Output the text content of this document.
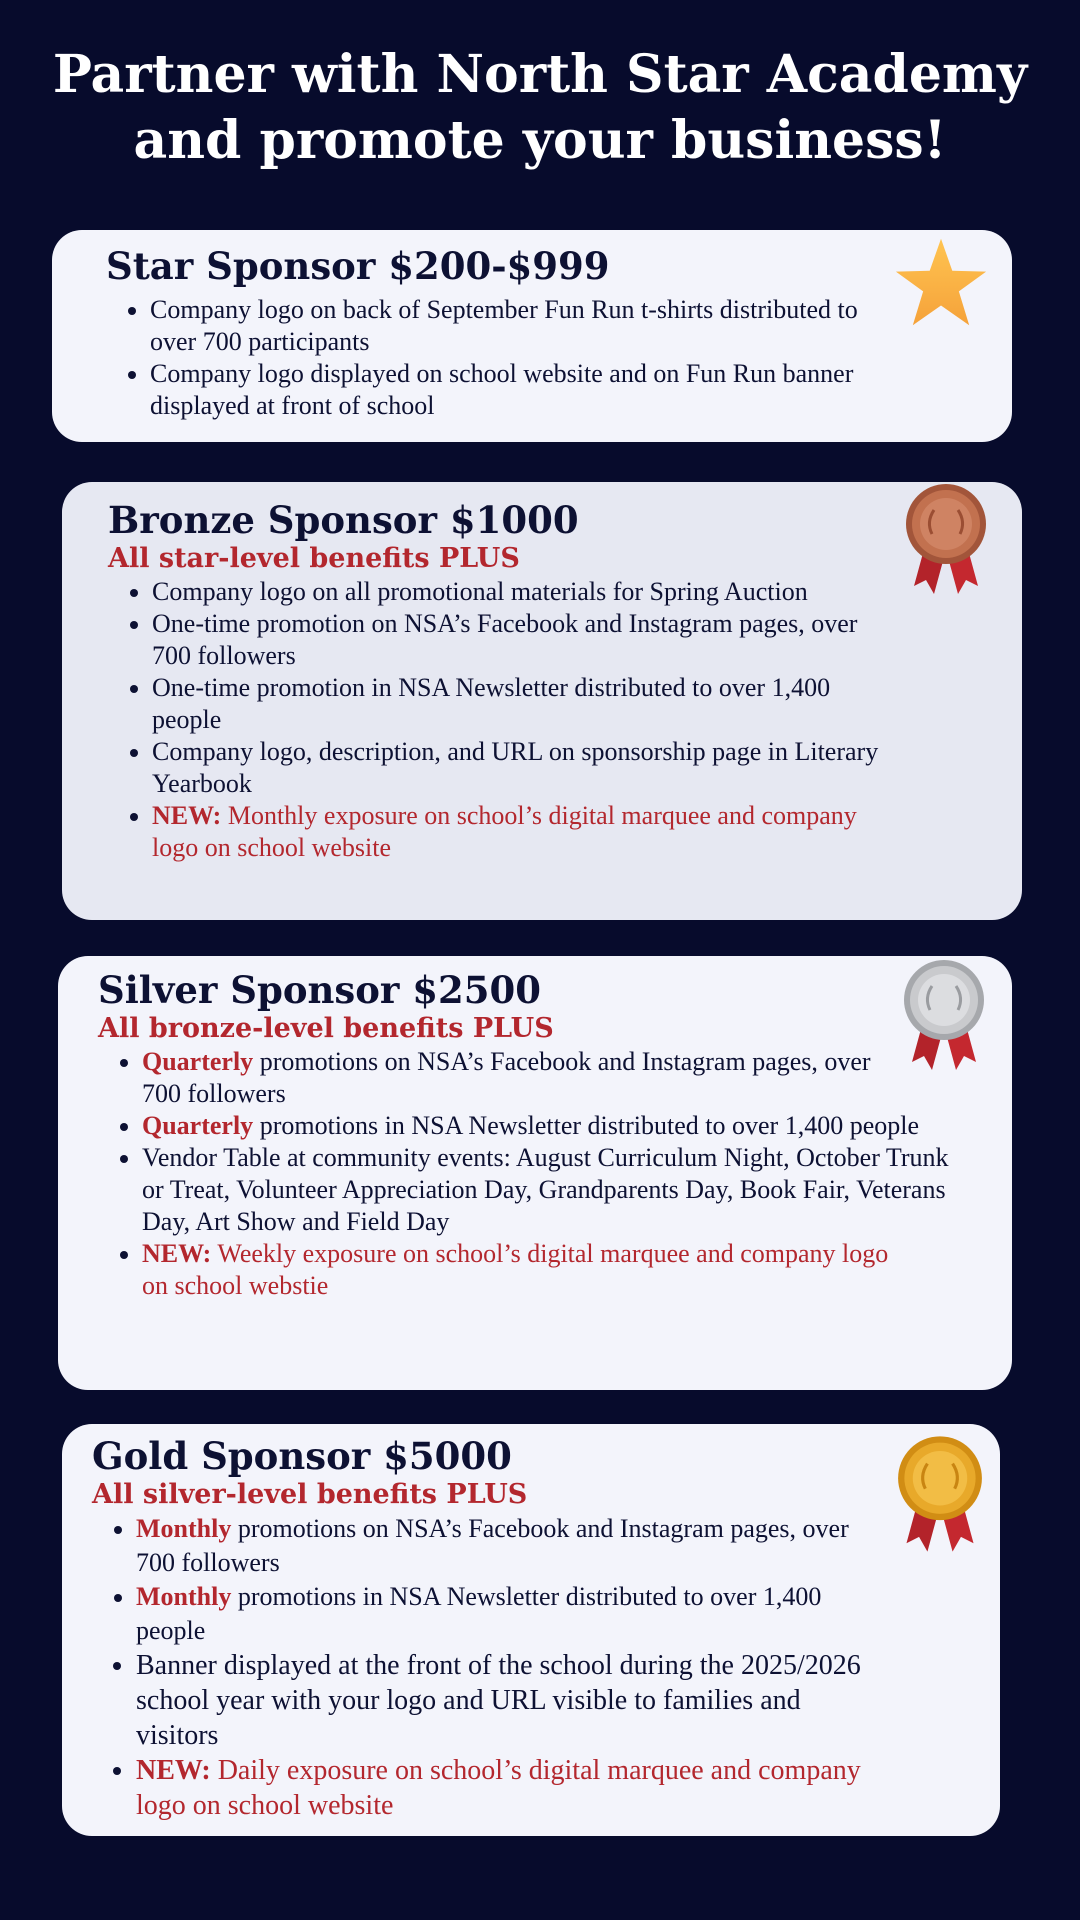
Partner with North Star Academy
and promote your business!
Star Sponsor $200-$999
• Company logo on back of September Fun Run t-shirts distributed to over 700 participants
• Company logo displayed on school website and on Fun Run banner displayed at front of school
Bronze Sponsor $1000

All star-level benefits PLUS

• Company logo on all promotional materials for Spring Auction
• One-time promotion on NSA’s Facebook and Instagram pages, over 700 followers
• One-time promotion in NSA Newsletter distributed to over 1,400 people
• Company logo, description, and URL on sponsorship page in Literary Yearbook
• NEW: Monthly exposure on school’s digital marquee and company logo on school website
Silver Sponsor $2500

All bronze-level benefits PLUS

• Quarterly promotions on NSA’s Facebook and Instagram pages, over 700 followers
• Quarterly promotions in NSA Newsletter distributed to over 1,400 people
• Vendor Table at community events: August Curriculum Night, October Trunk or Treat, Volunteer Appreciation Day, Grandparents Day, Book Fair, Veterans Day, Art Show and Field Day
• NEW: Weekly exposure on school’s digital marquee and company logo on school webstie
Gold Sponsor $5000

All silver-level benefits PLUS

• Monthly promotions on NSA’s Facebook and Instagram pages, over 700 followers
• Monthly promotions in NSA Newsletter distributed to over 1,400 people
• Banner displayed at the front of the school during the 2025/2026 school year with your logo and URL visible to families and visitors
• NEW: Daily exposure on school’s digital marquee and company logo on school website
